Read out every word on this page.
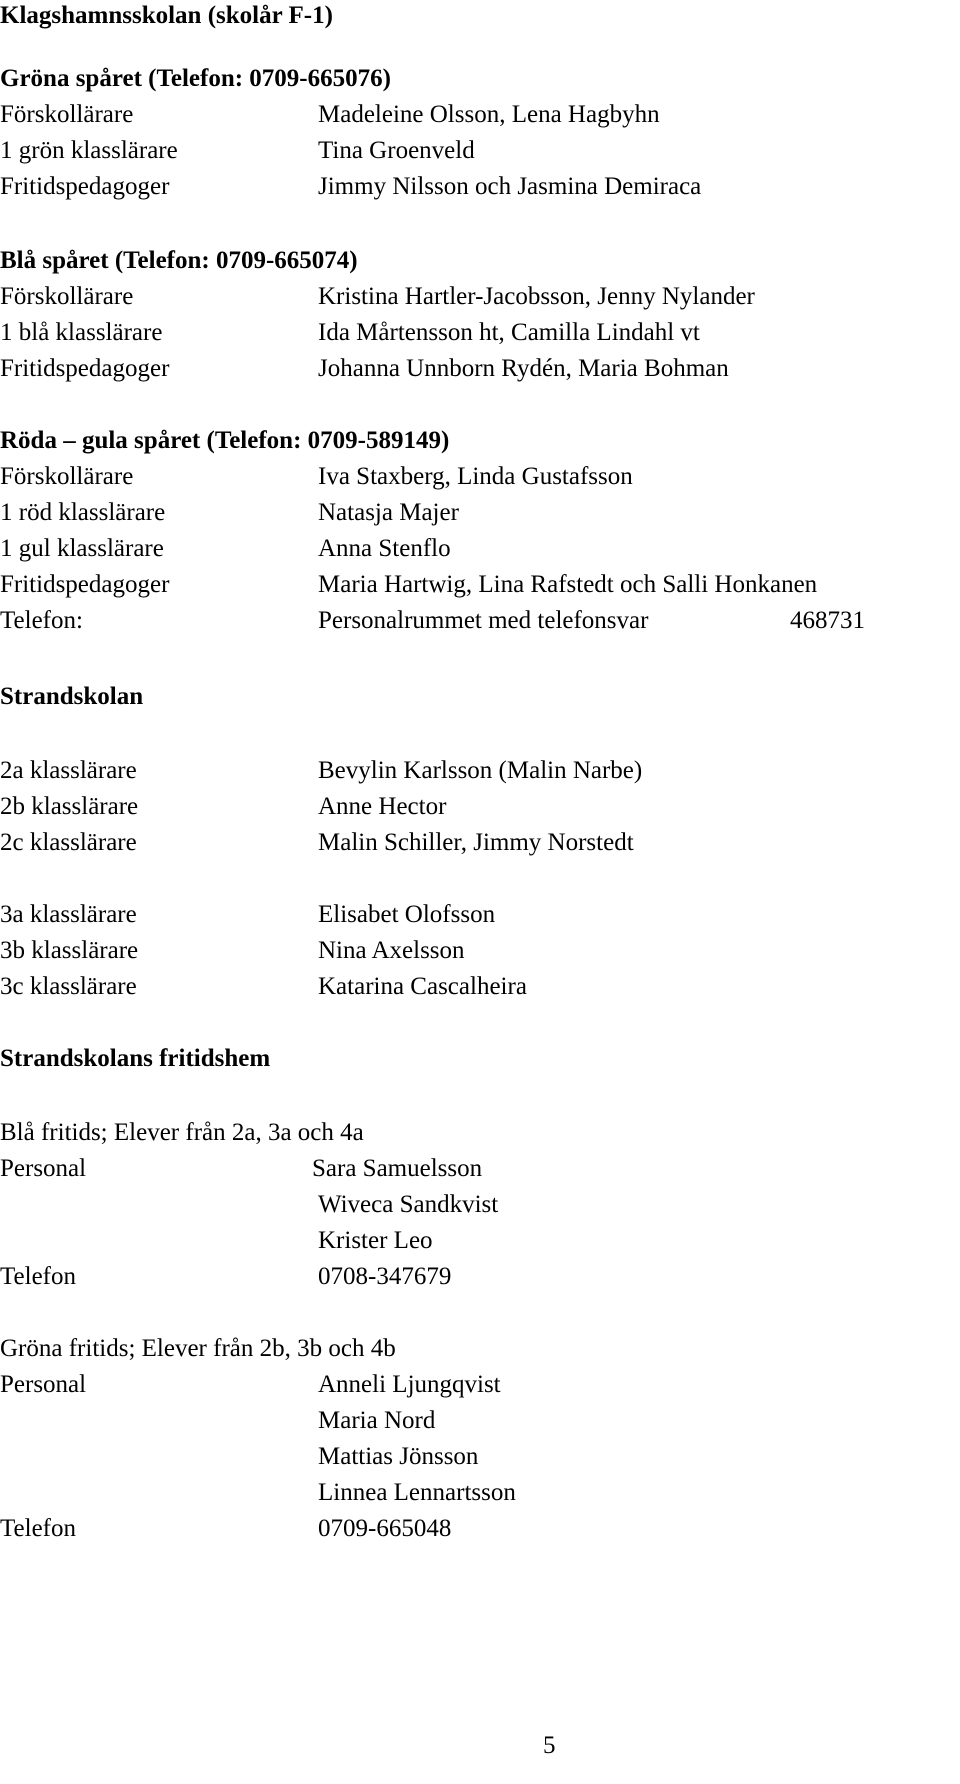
Klagshamnsskolan (skolår F-1)
Gröna spåret (Telefon: 0709-665076)
Förskollärare	Madeleine Olsson, Lena Hagbyhn
1 grön klasslärare	Tina Groenveld
Fritidspedagoger	Jimmy Nilsson och Jasmina Demiraca
Blå spåret (Telefon: 0709-665074)
Förskollärare	Kristina Hartler-Jacobsson, Jenny Nylander
1 blå klasslärare	Ida Mårtensson ht, Camilla Lindahl vt
Fritidspedagoger	Johanna Unnborn Rydén, Maria Bohman
Röda – gula spåret (Telefon: 0709-589149)
Förskollärare	Iva Staxberg, Linda Gustafsson
1 röd klasslärare	Natasja Majer
1 gul klasslärare	Anna Stenflo
Fritidspedagoger	Maria Hartwig, Lina Rafstedt och Salli Honkanen
Telefon:	Personalrummet med telefonsvar	468731
Strandskolan
2a klasslärare	Bevylin Karlsson (Malin Narbe)
2b klasslärare	Anne Hector
2c klasslärare	Malin Schiller, Jimmy Norstedt
3a klasslärare	Elisabet Olofsson
3b klasslärare	Nina Axelsson
3c klasslärare	Katarina Cascalheira
Strandskolans fritidshem
Blå fritids; Elever från 2a, 3a och 4a
Personal	Sara Samuelsson
Wiveca Sandkvist
Krister Leo
Telefon	0708-347679
Gröna fritids; Elever från 2b, 3b och 4b
Personal	Anneli Ljungqvist
Maria Nord
Mattias Jönsson
Linnea Lennartsson
Telefon	0709-665048
5
